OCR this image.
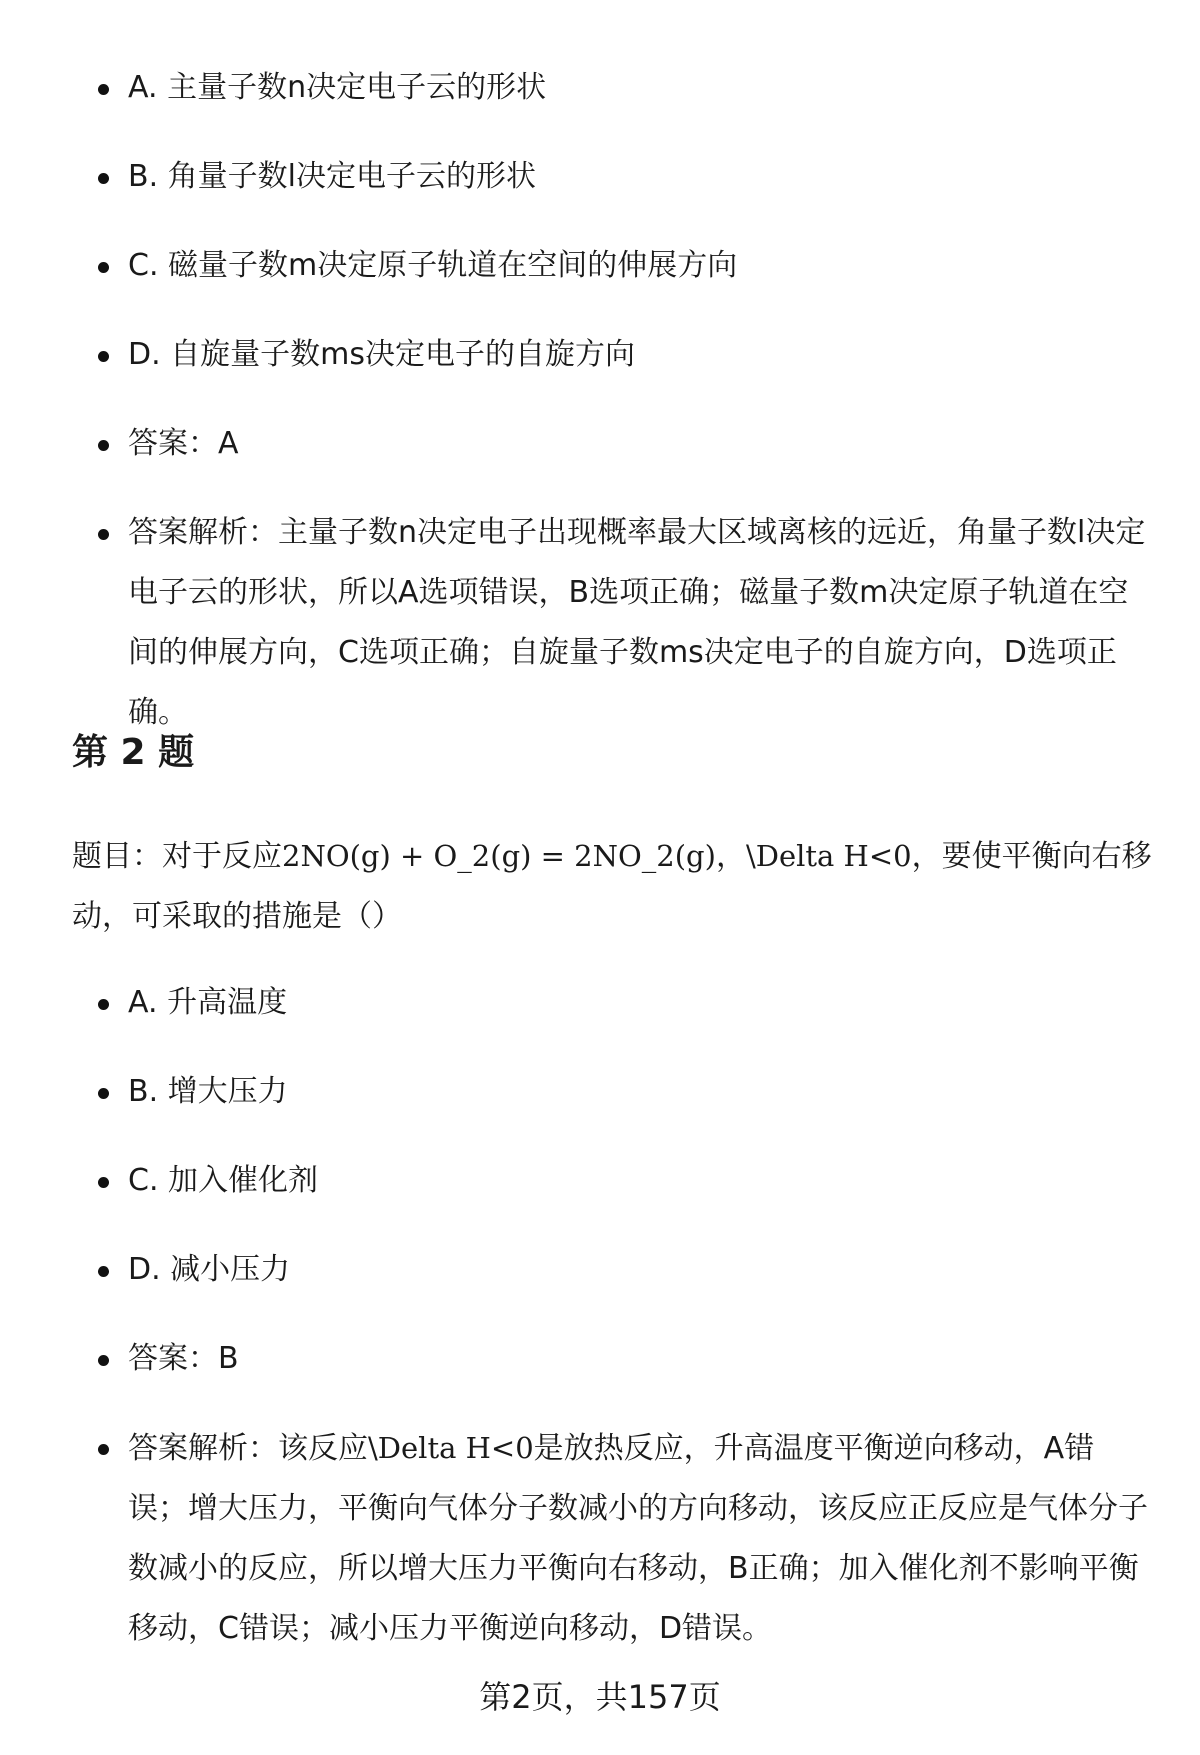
A. 主量子数n决定电子云的形状
B. 角量子数l决定电子云的形状
C. 磁量子数m决定原子轨道在空间的伸展方向
D. 自旋量子数ms决定电子的自旋方向
答案：A
答案解析：主量子数n决定电子出现概率最大区域离核的远近，角量子数l决定电子云的形状，所以A选项错误，B选项正确；磁量子数m决定原子轨道在空间的伸展方向，C选项正确；自旋量子数ms决定电子的自旋方向，D选项正确。
第 2 题

题目：对于反应2NO(g) + O_2(g) = 2NO_2(g)，\Delta H<0，要使平衡向右移动，可采取的措施是（）

A. 升高温度
B. 增大压力
C. 加入催化剂
D. 减小压力
答案：B
答案解析：该反应\Delta H<0是放热反应，升高温度平衡逆向移动，A错误；增大压力，平衡向气体分子数减小的方向移动，该反应正反应是气体分子数减小的反应，所以增大压力平衡向右移动，B正确；加入催化剂不影响平衡移动，C错误；减小压力平衡逆向移动，D错误。
第2页，共157页
